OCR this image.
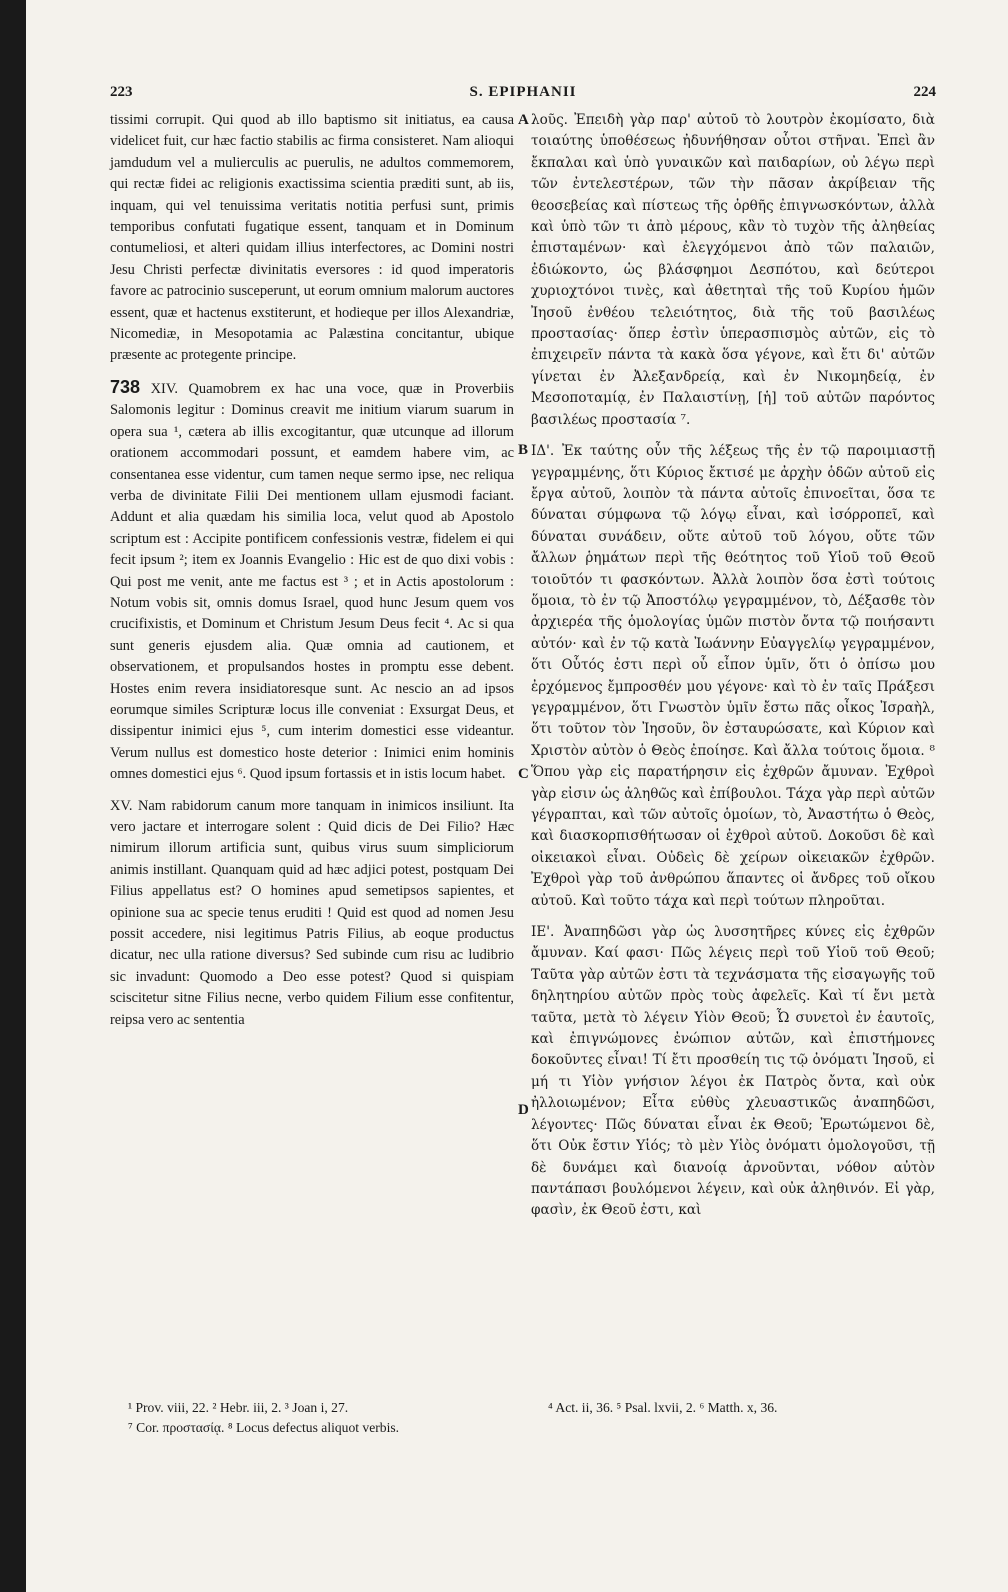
223	S. EPIPHANII	224

tissimi corrupit. Qui quod ab illo baptismo sit initiatus, ea causa videlicet fuit, cur hæc factio stabilis ac firma consisteret. Nam alioqui jamdudum vel a mulierculis ac puerulis, ne adultos commemorem, qui rectæ fidei ac religionis exactissima scientia præditi sunt, ab iis, inquam, qui vel tenuissima veritatis notitia perfusi sunt, primis temporibus confutati fugatique essent, tanquam et in Dominum contumeliosi, et alteri quidam illius interfectores, ac Domini nostri Jesu Christi perfectæ divinitatis eversores : id quod imperatoris favore ac patrocinio susceperunt, ut eorum omnium malorum auctores essent, quæ et hactenus exstiterunt, et hodieque per illos Alexandriæ, Nicomediæ, in Mesopotamia ac Palæstina concitantur, ubique præsente ac protegente principe.

738 XIV. Quamobrem ex hac una voce, quæ in Proverbiis Salomonis legitur : Dominus creavit me initium viarum suarum in opera sua ¹, cætera ab illis excogitantur, quæ utcunque ad illorum orationem accommodari possunt, et eamdem habere vim, ac consentanea esse videntur, cum tamen neque sermo ipse, nec reliqua verba de divinitate Filii Dei mentionem ullam ejusmodi faciant. Addunt et alia quædam his similia loca, velut quod ab Apostolo scriptum est : Accipite pontificem confessionis vestræ, fidelem ei qui fecit ipsum ²; item ex Joannis Evangelio : Hic est de quo dixi vobis : Qui post me venit, ante me factus est ³ ; et in Actis apostolorum : Notum vobis sit, omnis domus Israel, quod hunc Jesum quem vos crucifixistis, et Dominum et Christum Jesum Deus fecit ⁴. Ac si qua sunt generis ejusdem alia. Quæ omnia ad cautionem, et observationem, et propulsandos hostes in promptu esse debent. Hostes enim revera insidiatoresque sunt. Ac nescio an ad ipsos eorumque similes Scripturæ locus ille conveniat : Exsurgat Deus, et dissipentur inimici ejus ⁵, cum interim domestici esse videantur. Verum nullus est domestico hoste deterior : Inimici enim hominis omnes domestici ejus ⁶. Quod ipsum fortassis et in istis locum habet.

XV. Nam rabidorum canum more tanquam in inimicos insiliunt. Ita vero jactare et interrogare solent : Quid dicis de Dei Filio? Hæc nimirum illorum artificia sunt, quibus virus suum simpliciorum animis instillant. Quanquam quid ad hæc adjici potest, postquam Dei Filius appellatus est? O homines apud semetipsos sapientes, et opinione sua ac specie tenus eruditi ! Quid est quod ad nomen Jesu possit accedere, nisi legitimus Patris Filius, ab eoque productus dicatur, nec ulla ratione diversus? Sed subinde cum risu ac ludibrio sic invadunt: Quomodo a Deo esse potest? Quod si quispiam sciscitetur sitne Filius necne, verbo quidem Filium esse confitentur, reipsa vero ac sententia

A
B
C
D

λοῦς. Ἐπειδὴ γὰρ παρ' αὐτοῦ τὸ λουτρὸν ἐκομίσατο, διὰ τοιαύτης ὑποθέσεως ἠδυνήθησαν οὗτοι στῆναι. Ἐπεὶ ἂν ἔκπαλαι καὶ ὑπὸ γυναικῶν καὶ παιδαρίων, οὐ λέγω περὶ τῶν ἐντελεστέρων, τῶν τὴν πᾶσαν ἀκρίβειαν τῆς θεοσεβείας καὶ πίστεως τῆς ὀρθῆς ἐπιγνωσκόντων, ἀλλὰ καὶ ὑπὸ τῶν τι ἀπὸ μέρους, κἂν τὸ τυχὸν τῆς ἀληθείας ἐπισταμένων· καὶ ἐλεγχόμενοι ἀπὸ τῶν παλαιῶν, ἐδιώκοντο, ὡς βλάσφημοι Δεσπότου, καὶ δεύτεροι χυριοχτόνοι τινὲς, καὶ ἀθετηταὶ τῆς τοῦ Κυρίου ἡμῶν Ἰησοῦ ἐνθέου τελειότητος, διὰ τῆς τοῦ βασιλέως προστασίας· ὅπερ ἐστὶν ὑπερασπισμὸς αὐτῶν, εἰς τὸ ἐπιχειρεῖν πάντα τὰ κακὰ ὅσα γέγονε, καὶ ἔτι δι' αὐτῶν γίνεται ἐν Ἀλεξανδρείᾳ, καὶ ἐν Νικομηδείᾳ, ἐν Μεσοποταμίᾳ, ἐν Παλαιστίνῃ, [ἡ] τοῦ αὐτῶν παρόντος βασιλέως προστασία ⁷.

ΙΔ'. Ἐκ ταύτης οὖν τῆς λέξεως τῆς ἐν τῷ παροιμιαστῇ γεγραμμένης, ὅτι Κύριος ἔκτισέ με ἀρχὴν ὁδῶν αὐτοῦ εἰς ἔργα αὐτοῦ, λοιπὸν τὰ πάντα αὐτοῖς ἐπινοεῖται, ὅσα τε δύναται σύμφωνα τῷ λόγῳ εἶναι, καὶ ἰσόρροπεῖ, καὶ δύναται συνάδειν, οὔτε αὐτοῦ τοῦ λόγου, οὔτε τῶν ἄλλων ῥημάτων περὶ τῆς θεότητος τοῦ Υἱοῦ τοῦ Θεοῦ τοιοῦτόν τι φασκόντων. Ἀλλὰ λοιπὸν ὅσα ἐστὶ τούτοις ὅμοια, τὸ ἐν τῷ Ἀποστόλῳ γεγραμμένον, τὸ, Δέξασθε τὸν ἀρχιερέα τῆς ὁμολογίας ὑμῶν πιστὸν ὄντα τῷ ποιήσαντι αὐτόν· καὶ ἐν τῷ κατὰ Ἰωάννην Εὐαγγελίῳ γεγραμμένον, ὅτι Οὗτός ἐστι περὶ οὗ εἶπον ὑμῖν, ὅτι ὁ ὀπίσω μου ἐρχόμενος ἔμπροσθέν μου γέγονε· καὶ τὸ ἐν ταῖς Πράξεσι γεγραμμένον, ὅτι Γνωστὸν ὑμῖν ἔστω πᾶς οἶκος Ἰσραὴλ, ὅτι τοῦτον τὸν Ἰησοῦν, ὃν ἐσταυρώσατε, καὶ Κύριον καὶ Χριστὸν αὐτὸν ὁ Θεὸς ἐποίησε. Καὶ ἄλλα τούτοις ὅμοια. ⁸ Ὅπου γὰρ εἰς παρατήρησιν εἰς ἐχθρῶν ἄμυναν. Ἐχθροὶ γὰρ εἰσιν ὡς ἀληθῶς καὶ ἐπίβουλοι. Τάχα γὰρ περὶ αὐτῶν γέγραπται, καὶ τῶν αὐτοῖς ὁμοίων, τὸ, Ἀναστήτω ὁ Θεὸς, καὶ διασκορπισθήτωσαν οἱ ἐχθροὶ αὐτοῦ. Δοκοῦσι δὲ καὶ οἰκειακοὶ εἶναι. Οὐδεὶς δὲ χείρων οἰκειακῶν ἐχθρῶν. Ἐχθροὶ γὰρ τοῦ ἀνθρώπου ἅπαντες οἱ ἄνδρες τοῦ οἴκου αὐτοῦ. Καὶ τοῦτο τάχα καὶ περὶ τούτων πληροῦται.

ΙΕ'. Ἀναπηδῶσι γὰρ ὡς λυσσητῆρες κύνες εἰς ἐχθρῶν ἄμυναν. Καί φασι· Πῶς λέγεις περὶ τοῦ Υἱοῦ τοῦ Θεοῦ; Ταῦτα γὰρ αὐτῶν ἐστι τὰ τεχνάσματα τῆς εἰσαγωγῆς τοῦ δηλητηρίου αὐτῶν πρὸς τοὺς ἀφελεῖς. Καὶ τί ἔνι μετὰ ταῦτα, μετὰ τὸ λέγειν Υἱὸν Θεοῦ; Ὦ συνετοὶ ἐν ἑαυτοῖς, καὶ ἐπιγνώμονες ἐνώπιον αὐτῶν, καὶ ἐπιστήμονες δοκοῦντες εἶναι! Τί ἔτι προσθείη τις τῷ ὀνόματι Ἰησοῦ, εἰ μή τι Υἱὸν γνήσιον λέγοι ἐκ Πατρὸς ὄντα, καὶ οὐκ ἠλλοιωμένον; Εἶτα εὐθὺς χλευαστικῶς ἀναπηδῶσι, λέγοντες· Πῶς δύναται εἶναι ἐκ Θεοῦ; Ἐρωτώμενοι δὲ, ὅτι Οὐκ ἔστιν Υἱός; τὸ μὲν Υἱὸς ὀνόματι ὁμολογοῦσι, τῇ δὲ δυνάμει καὶ διανοίᾳ ἀρνοῦνται, νόθον αὐτὸν παντάπασι βουλόμενοι λέγειν, καὶ οὐκ ἀληθινόν. Εἰ γὰρ, φασὶν, ἐκ Θεοῦ ἐστι, καὶ

¹ Prov. viii, 22. ² Hebr. iii, 2. ³ Joan i, 27.
⁷ Cor. προστασίᾳ. ⁸ Locus defectus aliquot verbis.
⁴ Act. ii, 36. ⁵ Psal. lxvii, 2. ⁶ Matth. x, 36.
